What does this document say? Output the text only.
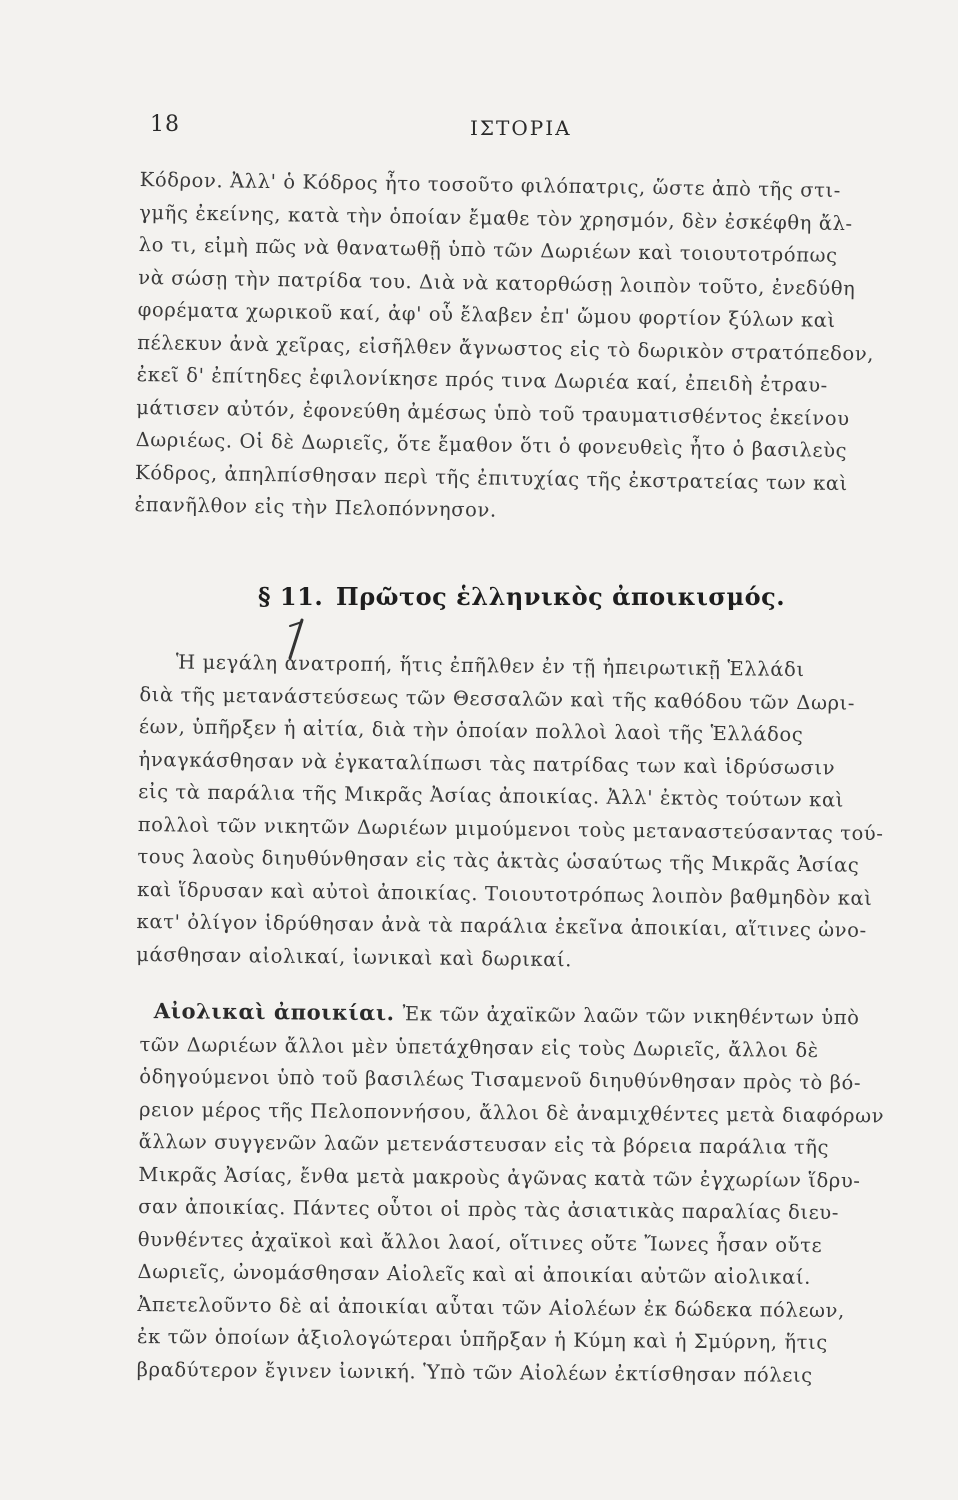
18	ΙΣΤΟΡΙΑ
Κόδρον. Ἀλλ' ὁ Κόδρος ἦτο τοσοῦτο φιλόπατρις, ὥστε ἀπὸ τῆς στι-
γμῆς ἐκείνης, κατὰ τὴν ὁποίαν ἔμαθε τὸν χρησμόν, δὲν ἐσκέφθη ἄλ-
λο τι, εἰμὴ πῶς νὰ θανατωθῇ ὑπὸ τῶν Δωριέων καὶ τοιουτοτρόπως
νὰ σώσῃ τὴν πατρίδα του. Διὰ νὰ κατορθώσῃ λοιπὸν τοῦτο, ἐνεδύθη
φορέματα χωρικοῦ καί, ἀφ' οὗ ἔλαβεν ἐπ' ὤμου φορτίον ξύλων καὶ
πέλεκυν ἀνὰ χεῖρας, εἰσῆλθεν ἄγνωστος εἰς τὸ δωρικὸν στρατόπεδον,
ἐκεῖ δ' ἐπίτηδες ἐφιλονίκησε πρός τινα Δωριέα καί, ἐπειδὴ ἐτραυ-
μάτισεν αὐτόν, ἐφονεύθη ἀμέσως ὑπὸ τοῦ τραυματισθέντος ἐκείνου
Δωριέως. Οἱ δὲ Δωριεῖς, ὅτε ἔμαθον ὅτι ὁ φονευθεὶς ἦτο ὁ βασιλεὺς
Κόδρος, ἀπηλπίσθησαν περὶ τῆς ἐπιτυχίας τῆς ἐκστρατείας των καὶ
ἐπανῆλθον εἰς τὴν Πελοπόννησον.
§ 11. Πρῶτος ἑλληνικὸς ἀποικισμός.
Ἡ μεγάλη ἀνατροπή, ἥτις ἐπῆλθεν ἐν τῇ ἠπειρωτικῇ Ἑλλάδι
διὰ τῆς μετανάστεύσεως τῶν Θεσσαλῶν καὶ τῆς καθόδου τῶν Δωρι-
έων, ὑπῆρξεν ἡ αἰτία, διὰ τὴν ὁποίαν πολλοὶ λαοὶ τῆς Ἑλλάδος
ἠναγκάσθησαν νὰ ἐγκαταλίπωσι τὰς πατρίδας των καὶ ἱδρύσωσιν
εἰς τὰ παράλια τῆς Μικρᾶς Ἀσίας ἀποικίας. Ἀλλ' ἐκτὸς τούτων καὶ
πολλοὶ τῶν νικητῶν Δωριέων μιμούμενοι τοὺς μεταναστεύσαντας τού-
τους λαοὺς διηυθύνθησαν εἰς τὰς ἀκτὰς ὡσαύτως τῆς Μικρᾶς Ἀσίας
καὶ ἵδρυσαν καὶ αὐτοὶ ἀποικίας. Τοιουτοτρόπως λοιπὸν βαθμηδὸν καὶ
κατ' ὀλίγον ἱδρύθησαν ἀνὰ τὰ παράλια ἐκεῖνα ἀποικίαι, αἵτινες ὠνο-
μάσθησαν αἰολικαί, ἰωνικαὶ καὶ δωρικαί.
Αἰολικαὶ ἀποικίαι. Ἐκ τῶν ἀχαϊκῶν λαῶν τῶν νικηθέντων ὑπὸ
τῶν Δωριέων ἄλλοι μὲν ὑπετάχθησαν εἰς τοὺς Δωριεῖς, ἄλλοι δὲ
ὁδηγούμενοι ὑπὸ τοῦ βασιλέως Τισαμενοῦ διηυθύνθησαν πρὸς τὸ βό-
ρειον μέρος τῆς Πελοποννήσου, ἄλλοι δὲ ἀναμιχθέντες μετὰ διαφόρων
ἄλλων συγγενῶν λαῶν μετενάστευσαν εἰς τὰ βόρεια παράλια τῆς
Μικρᾶς Ἀσίας, ἔνθα μετὰ μακροὺς ἀγῶνας κατὰ τῶν ἐγχωρίων ἵδρυ-
σαν ἀποικίας. Πάντες οὗτοι οἱ πρὸς τὰς ἀσιατικὰς παραλίας διευ-
θυνθέντες ἀχαϊκοὶ καὶ ἄλλοι λαοί, οἵτινες οὔτε Ἴωνες ἦσαν οὔτε
Δωριεῖς, ὠνομάσθησαν Αἰολεῖς καὶ αἱ ἀποικίαι αὐτῶν αἰολικαί.
Ἀπετελοῦντο δὲ αἱ ἀποικίαι αὗται τῶν Αἰολέων ἐκ δώδεκα πόλεων,
ἐκ τῶν ὁποίων ἀξιολογώτεραι ὑπῆρξαν ἡ Κύμη καὶ ἡ Σμύρνη, ἥτις
βραδύτερον ἔγινεν ἰωνική. Ὑπὸ τῶν Αἰολέων ἐκτίσθησαν πόλεις
